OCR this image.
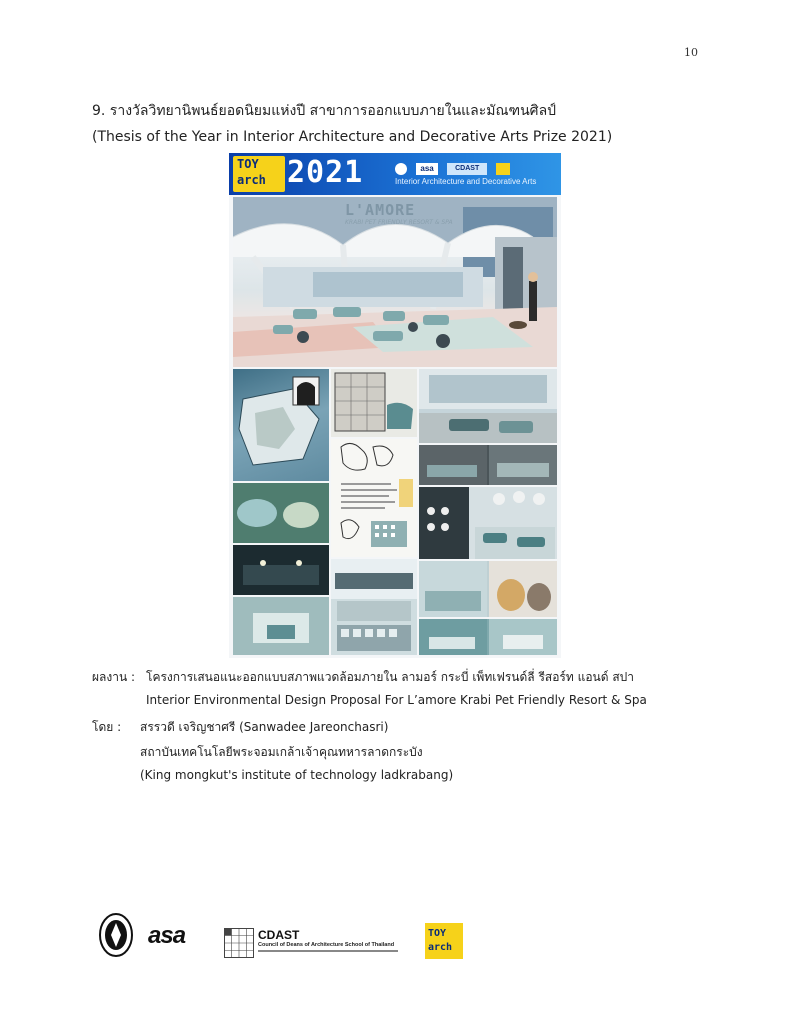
10
9. รางวัลวิทยานิพนธ์ยอดนิยมแห่งปี สาขาการออกแบบภายในและมัณฑนศิลป์
(Thesis of the Year in Interior Architecture and Decorative Arts Prize 2021)
TOY
arch 2021	asa	CDAST
Interior Architecture and Decorative Arts
L'AMORE
KRABI PET FRIENDLY RESORT & SPA
ผลงาน : โครงการเสนอแนะออกแบบสภาพแวดล้อมภายใน ลามอร์ กระบี่ เพ็ทเฟรนด์ลี่ รีสอร์ท แอนด์ สปา
Interior Environmental Design Proposal For L’amore Krabi Pet Friendly Resort & Spa
โดย : สรรวดี เจริญชาศรี (Sanwadee Jareonchasri)
สถาบันเทคโนโลยีพระจอมเกล้าเจ้าคุณทหารลาดกระบัง
(King mongkut's institute of technology ladkrabang)
asa	CDAST
Council of Deans of Architecture School of Thailand
TOY
arch
